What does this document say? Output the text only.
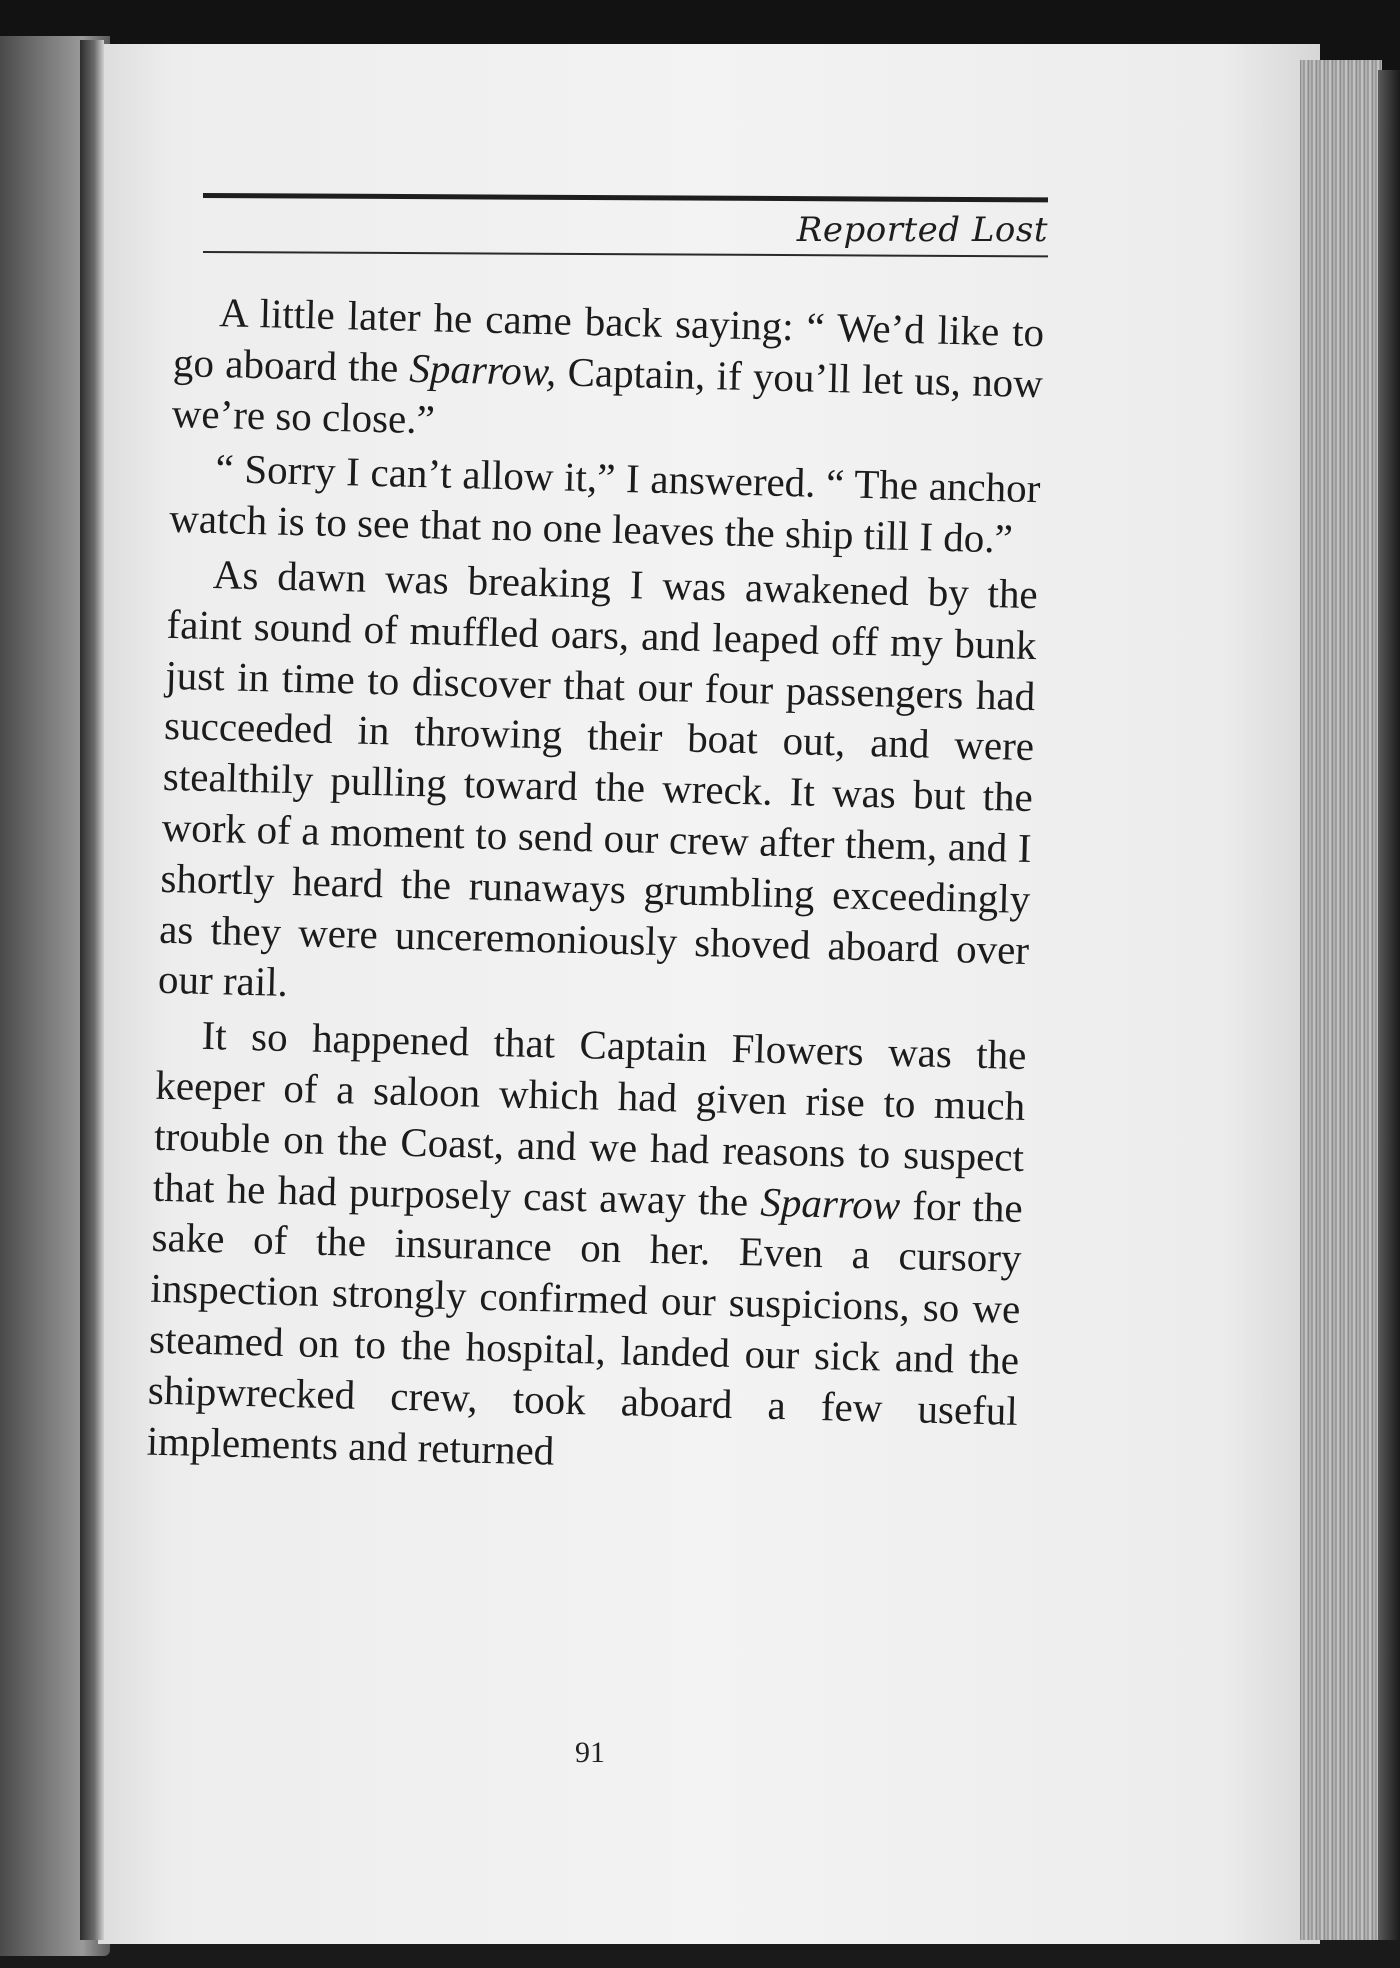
Reported Lost

A little later he came back saying: “ We’d like to go aboard the Sparrow, Captain, if you’ll let us, now we’re so close.”

“ Sorry I can’t allow it,” I answered. “ The anchor watch is to see that no one leaves the ship till I do.”

As dawn was breaking I was awakened by the faint sound of muffled oars, and leaped off my bunk just in time to discover that our four passengers had succeeded in throwing their boat out, and were stealthily pulling toward the wreck. It was but the work of a moment to send our crew after them, and I shortly heard the runaways grumbling exceedingly as they were unceremoniously shoved aboard over our rail.

It so happened that Captain Flowers was the keeper of a saloon which had given rise to much trouble on the Coast, and we had reasons to suspect that he had purposely cast away the Sparrow for the sake of the insurance on her. Even a cursory inspection strongly confirmed our suspicions, so we steamed on to the hospital, landed our sick and the shipwrecked crew, took aboard a few useful implements and returned

91
